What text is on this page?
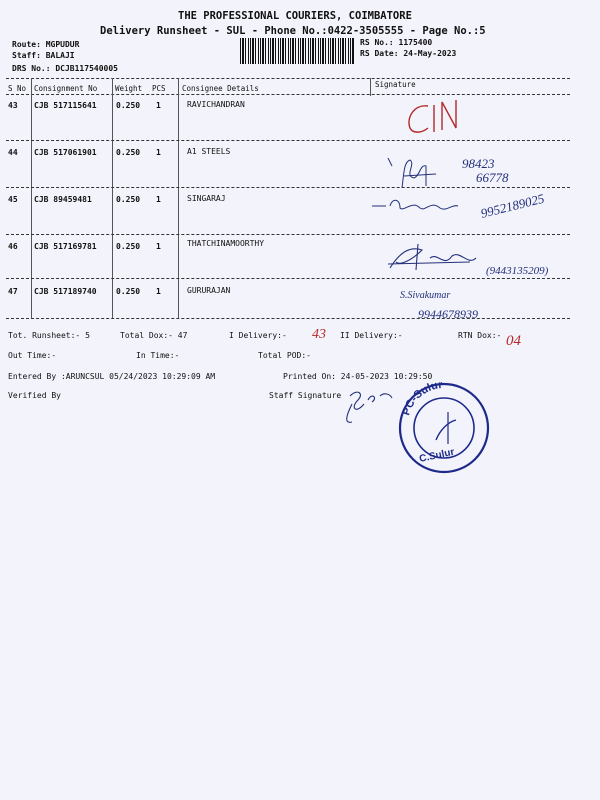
THE PROFESSIONAL COURIERS, COIMBATORE
Delivery Runsheet - SUL - Phone No.:0422-3505555 - Page No.:5
Route: MGPUDUR
Staff: BALAJI
DRS No.: DCJB117540005
RS No.: 1175400
RS Date: 24-May-2023
S No Consignment No Weight PCS Consignee Details	Signature
43 CJB 517115641 0.250 1	RAVICHANDRAN
44 CJB 517061901 0.250 1	A1 STEELS
45 CJB 89459481	0.250 1	SINGARAJ
46 CJB 517169781 0.250 1	THATCHINAMOORTHY
47 CJB 517189740 0.250 1	GURURAJAN
CIN
98423 66778
9952189025
(9443135209)
S.Sivakumar
9944678939
43	04
PC-Sulur
C.Sulur
Tot. Runsheet:- 5	Total Dox:- 47	I Delivery:-	II Delivery:-	RTN Dox:-
Out Time:-	In Time:-	Total POD:-
Entered By :ARUNCSUL 05/24/2023 10:29:09 AM	Printed On: 24-05-2023 10:29:50
Verified By	Staff Signature
